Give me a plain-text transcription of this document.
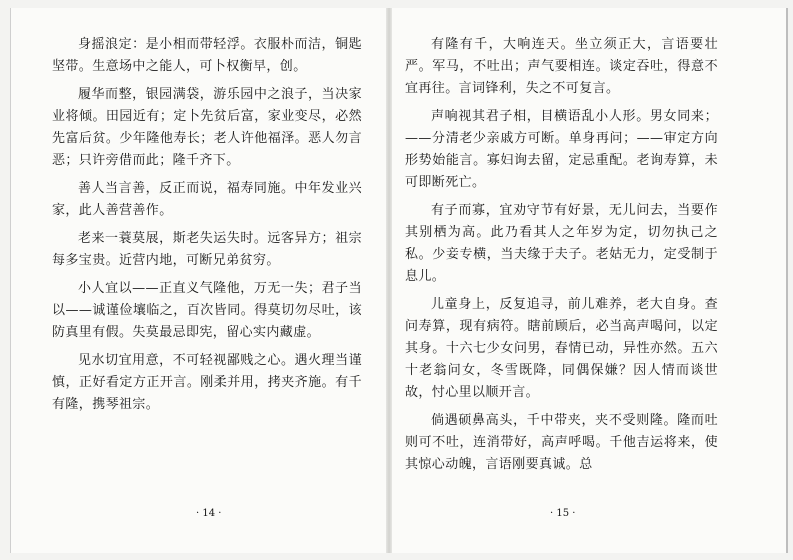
身摇浪定：是小相而带轻浮。衣服朴而洁，铜匙坚带。生意场中之能人，可卜权衡早，创。

履华而整，银园满袋，游乐园中之浪子，当决家业将倾。田园近有；定卜先贫后富，家业变尽，必然先富后贫。少年隆他寿长；老人许他福泽。恶人勿言恶；只许旁借而此；隆千齐下。

善人当言善，反正而说，福寿同施。中年发业兴家，此人善营善作。

老来一蓑莫展，斯老失运失时。远客异方；祖宗每多宝贵。近营内地，可断兄弟贫穷。

小人宜以——正直义气隆他，万无一失；君子当以——诚谨俭壤临之，百次皆同。得莫切勿尽吐，该防真里有假。失莫最忌即宪，留心实内藏虚。

见水切宜用意，不可轻视鄙贱之心。遇火理当谨慎，正好看定方正开言。刚柔并用，拷夹齐施。有千有隆，携琴祖宗。

· 14 ·

有隆有千，大响连天。坐立须正大，言语要壮严。军马，不吐出；声气要相连。谈定吞吐，得意不宜再往。言词锋利，失之不可复言。

声响视其君子相，目横语乱小人形。男女同来；——分清老少亲戚方可断。单身再问；——审定方向形势始能言。寡妇询去留，定忌重配。老询寿算，未可即断死亡。

有子而寡，宜劝守节有好景，无儿问去，当要作其别栖为高。此乃看其人之年岁为定，切勿执己之私。少妾专横，当夫缘于夫子。老姑无力，定受制于息儿。

儿童身上，反复追寻，前儿难养，老大自身。查问寿算，现有病符。瞎前顾后，必当高声喝问，以定其身。十六七少女问男，春情已动，异性亦然。五六十老翁问女，冬雪既降，同偶保嫌？因人情而谈世故，忖心里以顺开言。

倘遇硕鼻高头，千中带夹，夹不受则隆。隆而吐则可不吐，连消带好，高声呼喝。千他吉运将来，使其惊心动魄，言语刚要真诚。总

· 15 ·
